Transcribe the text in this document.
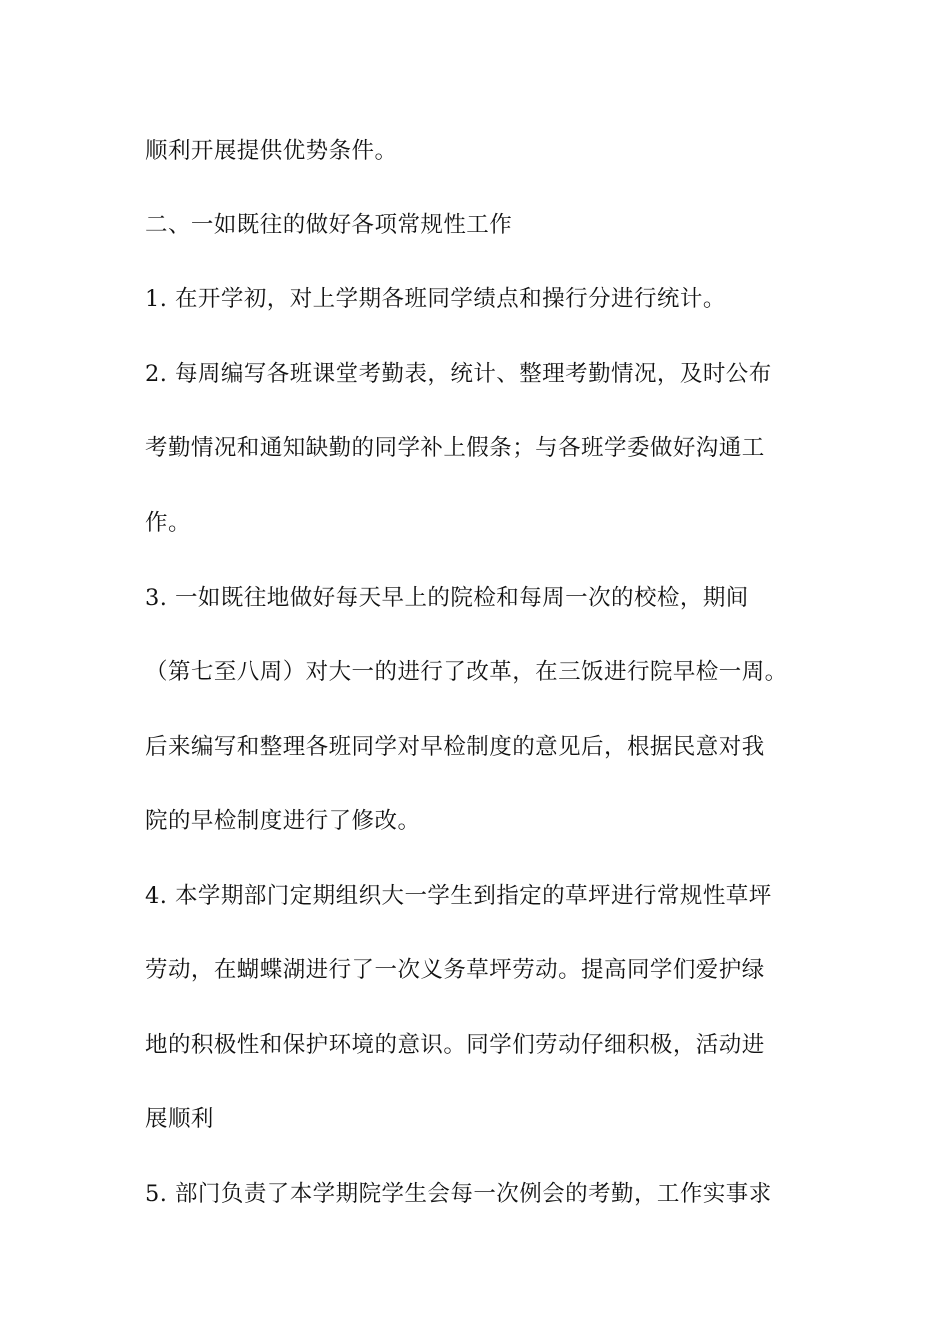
顺利开展提供优势条件。
二、一如既往的做好各项常规性工作
1. 在开学初，对上学期各班同学绩点和操行分进行统计。
2. 每周编写各班课堂考勤表，统计、整理考勤情况，及时公布
考勤情况和通知缺勤的同学补上假条；与各班学委做好沟通工
作。
3. 一如既往地做好每天早上的院检和每周一次的校检，期间
（第七至八周）对大一的进行了改革，在三饭进行院早检一周。
后来编写和整理各班同学对早检制度的意见后，根据民意对我
院的早检制度进行了修改。
4. 本学期部门定期组织大一学生到指定的草坪进行常规性草坪
劳动，在蝴蝶湖进行了一次义务草坪劳动。提高同学们爱护绿
地的积极性和保护环境的意识。同学们劳动仔细积极，活动进
展顺利
5. 部门负责了本学期院学生会每一次例会的考勤，工作实事求
